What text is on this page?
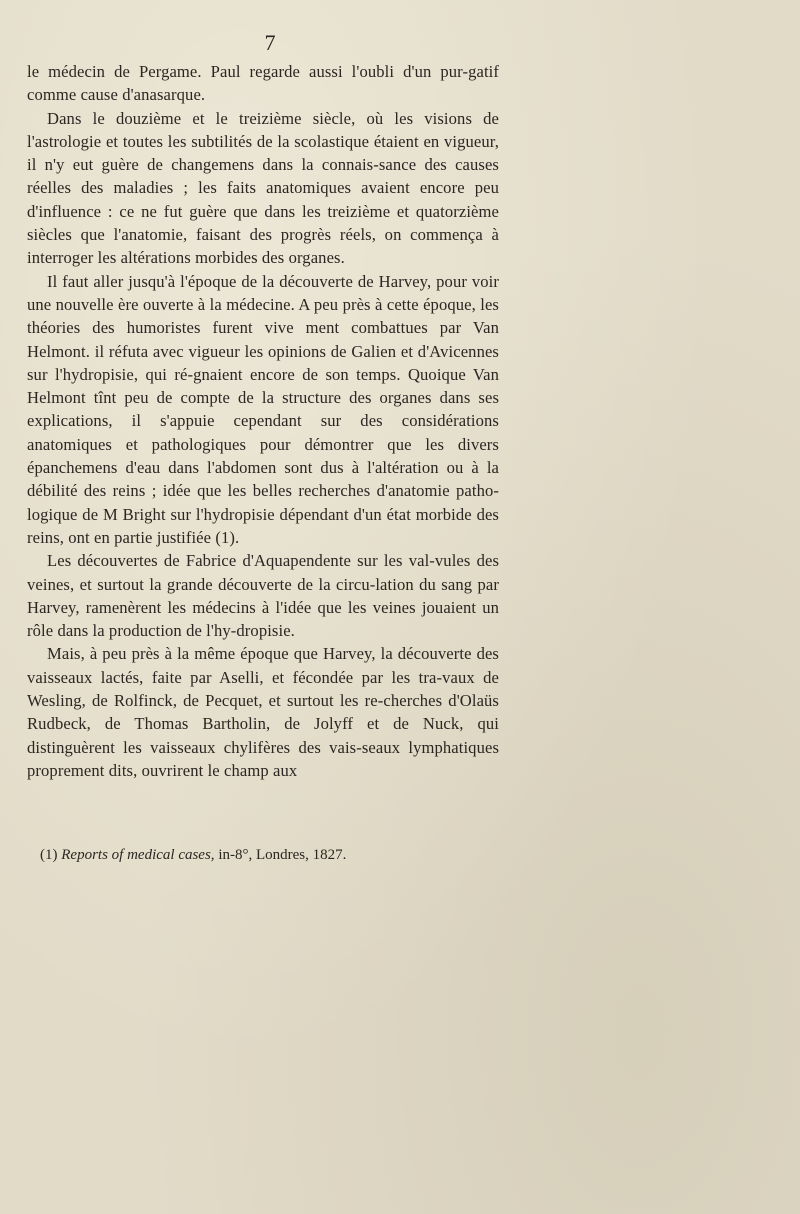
7

le médecin de Pergame. Paul regarde aussi l'oubli d'un pur-gatif comme cause d'anasarque.

Dans le douzième et le treizième siècle, où les visions de l'astrologie et toutes les subtilités de la scolastique étaient en vigueur, il n'y eut guère de changemens dans la connais-sance des causes réelles des maladies ; les faits anatomiques avaient encore peu d'influence : ce ne fut guère que dans les treizième et quatorzième siècles que l'anatomie, faisant des progrès réels, on commença à interroger les altérations morbides des organes.

Il faut aller jusqu'à l'époque de la découverte de Harvey, pour voir une nouvelle ère ouverte à la médecine. A peu près à cette époque, les théories des humoristes furent vive ment combattues par Van Helmont. il réfuta avec vigueur les opinions de Galien et d'Avicennes sur l'hydropisie, qui ré-gnaient encore de son temps. Quoique Van Helmont tînt peu de compte de la structure des organes dans ses explications, il s'appuie cependant sur des considérations anatomiques et pathologiques pour démontrer que les divers épanchemens d'eau dans l'abdomen sont dus à l'altération ou à la débilité des reins ; idée que les belles recherches d'anatomie patho-logique de M Bright sur l'hydropisie dépendant d'un état morbide des reins, ont en partie justifiée (1).

Les découvertes de Fabrice d'Aquapendente sur les val-vules des veines, et surtout la grande découverte de la circu-lation du sang par Harvey, ramenèrent les médecins à l'idée que les veines jouaient un rôle dans la production de l'hy-dropisie.

Mais, à peu près à la même époque que Harvey, la découverte des vaisseaux lactés, faite par Aselli, et fécondée par les tra-vaux de Wesling, de Rolfinck, de Pecquet, et surtout les re-cherches d'Olaüs Rudbeck, de Thomas Bartholin, de Jolyff et de Nuck, qui distinguèrent les vaisseaux chylifères des vais-seaux lymphatiques proprement dits, ouvrirent le champ aux

(1) Reports of medical cases, in-8°, Londres, 1827.
